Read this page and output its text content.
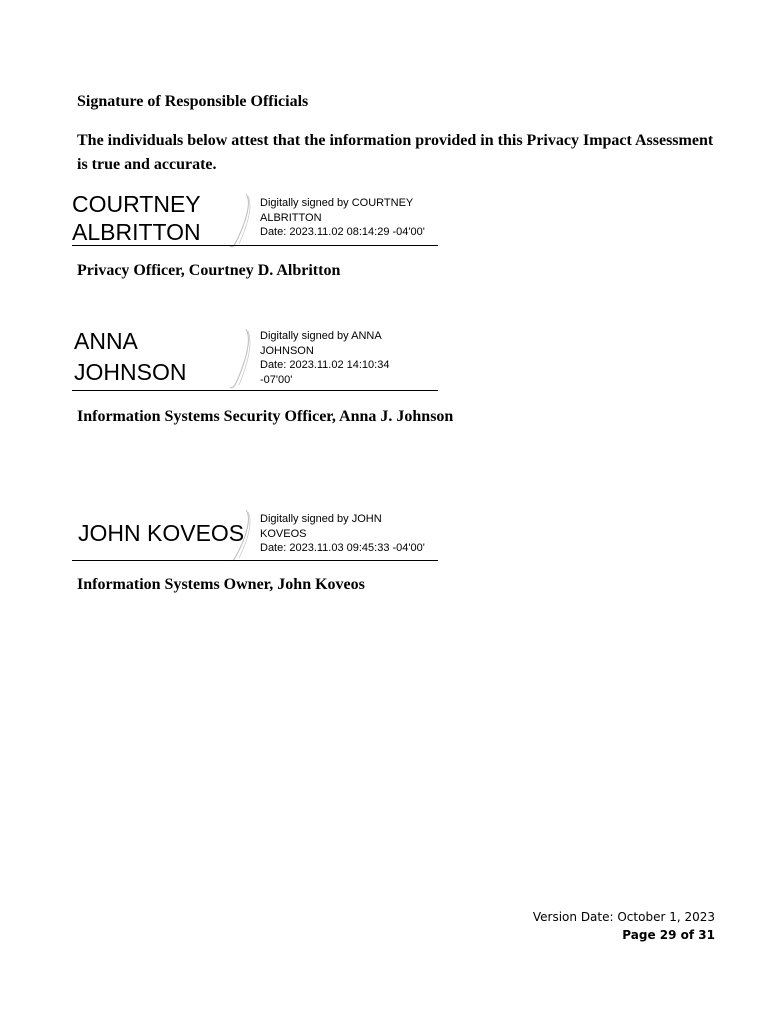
Signature of Responsible Officials
The individuals below attest that the information provided in this Privacy Impact Assessment is true and accurate.
COURTNEY
ALBRITTON
Digitally signed by COURTNEY
ALBRITTON
Date: 2023.11.02 08:14:29 -04'00'
Privacy Officer, Courtney D. Albritton
ANNA
JOHNSON
Digitally signed by ANNA
JOHNSON
Date: 2023.11.02 14:10:34
-07'00'
Information Systems Security Officer, Anna J. Johnson
JOHN KOVEOS
Digitally signed by JOHN
KOVEOS
Date: 2023.11.03 09:45:33 -04'00'
Information Systems Owner, John Koveos
Version Date: October 1, 2023
Page 29 of 31
